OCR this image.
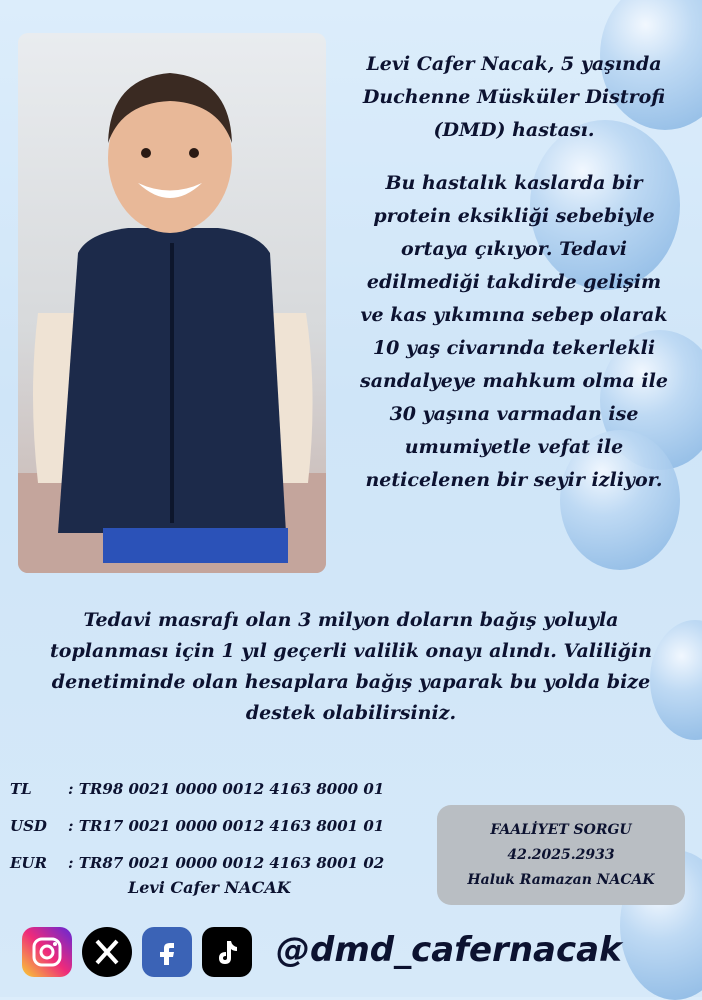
Levi Cafer Nacak, 5 yaşında
Duchenne Müsküler Distrofi
(DMD) hastası.

Bu hastalık kaslarda bir
protein eksikliği sebebiyle
ortaya çıkıyor. Tedavi
edilmediği takdirde gelişim
ve kas yıkımına sebep olarak
10 yaş civarında tekerlekli
sandalyeye mahkum olma ile
30 yaşına varmadan ise
umumiyetle vefat ile
neticelenen bir seyir izliyor.

Tedavi masrafı olan 3 milyon doların bağış yoluyla
toplanması için 1 yıl geçerli valilik onayı alındı. Valiliğin
denetiminde olan hesaplara bağış yaparak bu yolda bize
destek olabilirsiniz.
TL	: TR98 0021 0000 0012 4163 8000 01
USD	: TR17 0021 0000 0012 4163 8001 01
EUR	: TR87 0021 0000 0012 4163 8001 02
Levi Cafer NACAK
FAALİYET SORGU
42.2025.2933
Haluk Ramazan NACAK
@dmd_cafernacak
